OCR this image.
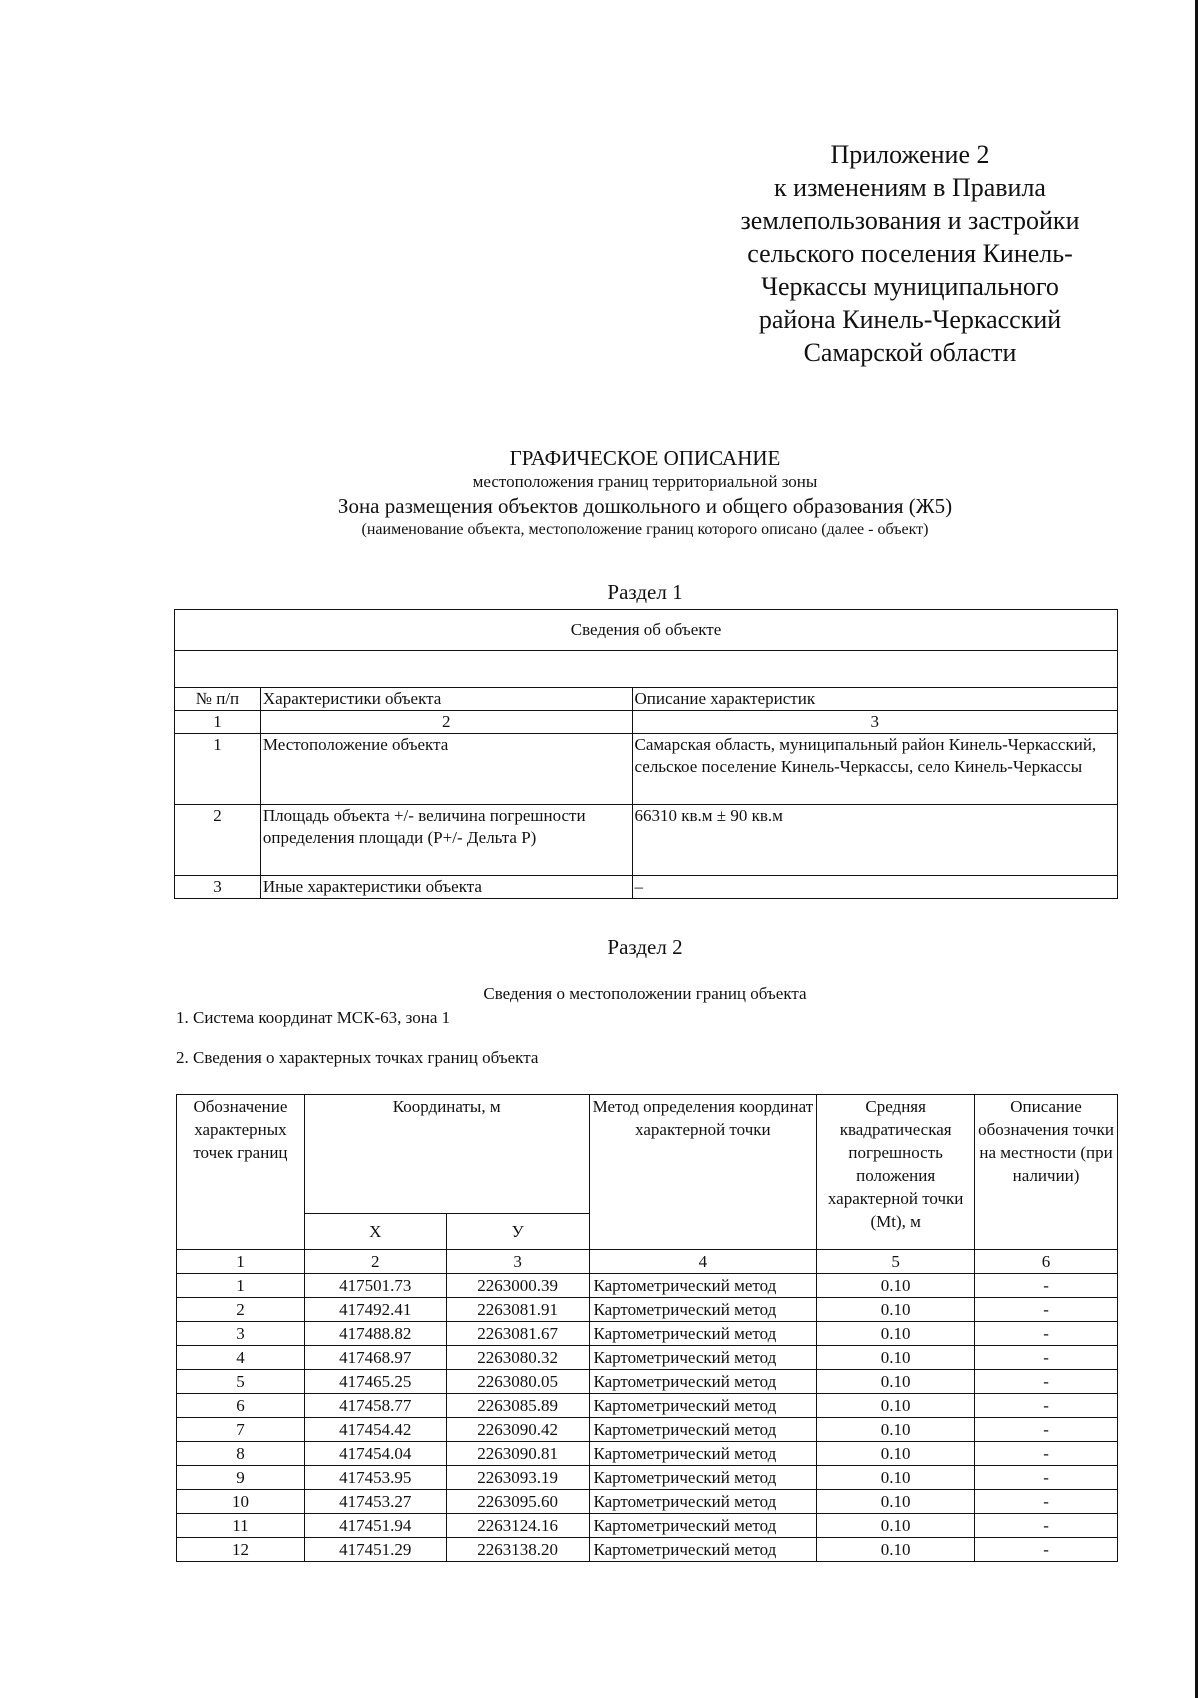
Приложение 2
к изменениям в Правила
землепользования и застройки
сельского поселения Кинель-
Черкассы муниципального
района Кинель-Черкасский
Самарской области
ГРАФИЧЕСКОЕ ОПИСАНИЕ
местоположения границ территориальной зоны
Зона размещения объектов дошкольного и общего образования (Ж5)
(наименование объекта, местоположение границ которого описано (далее - объект)
Раздел 1
Сведения об объекте		

№ п/п	Характеристики объекта	Описание характеристик
1	2	3
1	Местоположение объекта	Самарская область, муниципальный район Кинель-Черкасский, сельское поселение Кинель-Черкассы, село Кинель-Черкассы
2	Площадь объекта +/- величина погрешности определения площади (P+/- Дельта P)	66310 кв.м ± 90 кв.м
3	Иные характеристики объекта	–
Раздел 2
Сведения о местоположении границ объекта
1. Система координат МСК-63, зона 1
2. Сведения о характерных точках границ объекта
Обозначение характерных точек границ	Координаты, м		Метод определения координат характерной точки	Средняя квадратическая погрешность положения характерной точки (Mt), м	Описание обозначения точки на местности (при наличии)
	X	У			
1	2	3	4	5	6
1	417501.73	2263000.39	Картометрический метод	0.10	-
2	417492.41	2263081.91	Картометрический метод	0.10	-
3	417488.82	2263081.67	Картометрический метод	0.10	-
4	417468.97	2263080.32	Картометрический метод	0.10	-
5	417465.25	2263080.05	Картометрический метод	0.10	-
6	417458.77	2263085.89	Картометрический метод	0.10	-
7	417454.42	2263090.42	Картометрический метод	0.10	-
8	417454.04	2263090.81	Картометрический метод	0.10	-
9	417453.95	2263093.19	Картометрический метод	0.10	-
10	417453.27	2263095.60	Картометрический метод	0.10	-
11	417451.94	2263124.16	Картометрический метод	0.10	-
12	417451.29	2263138.20	Картометрический метод	0.10	-
